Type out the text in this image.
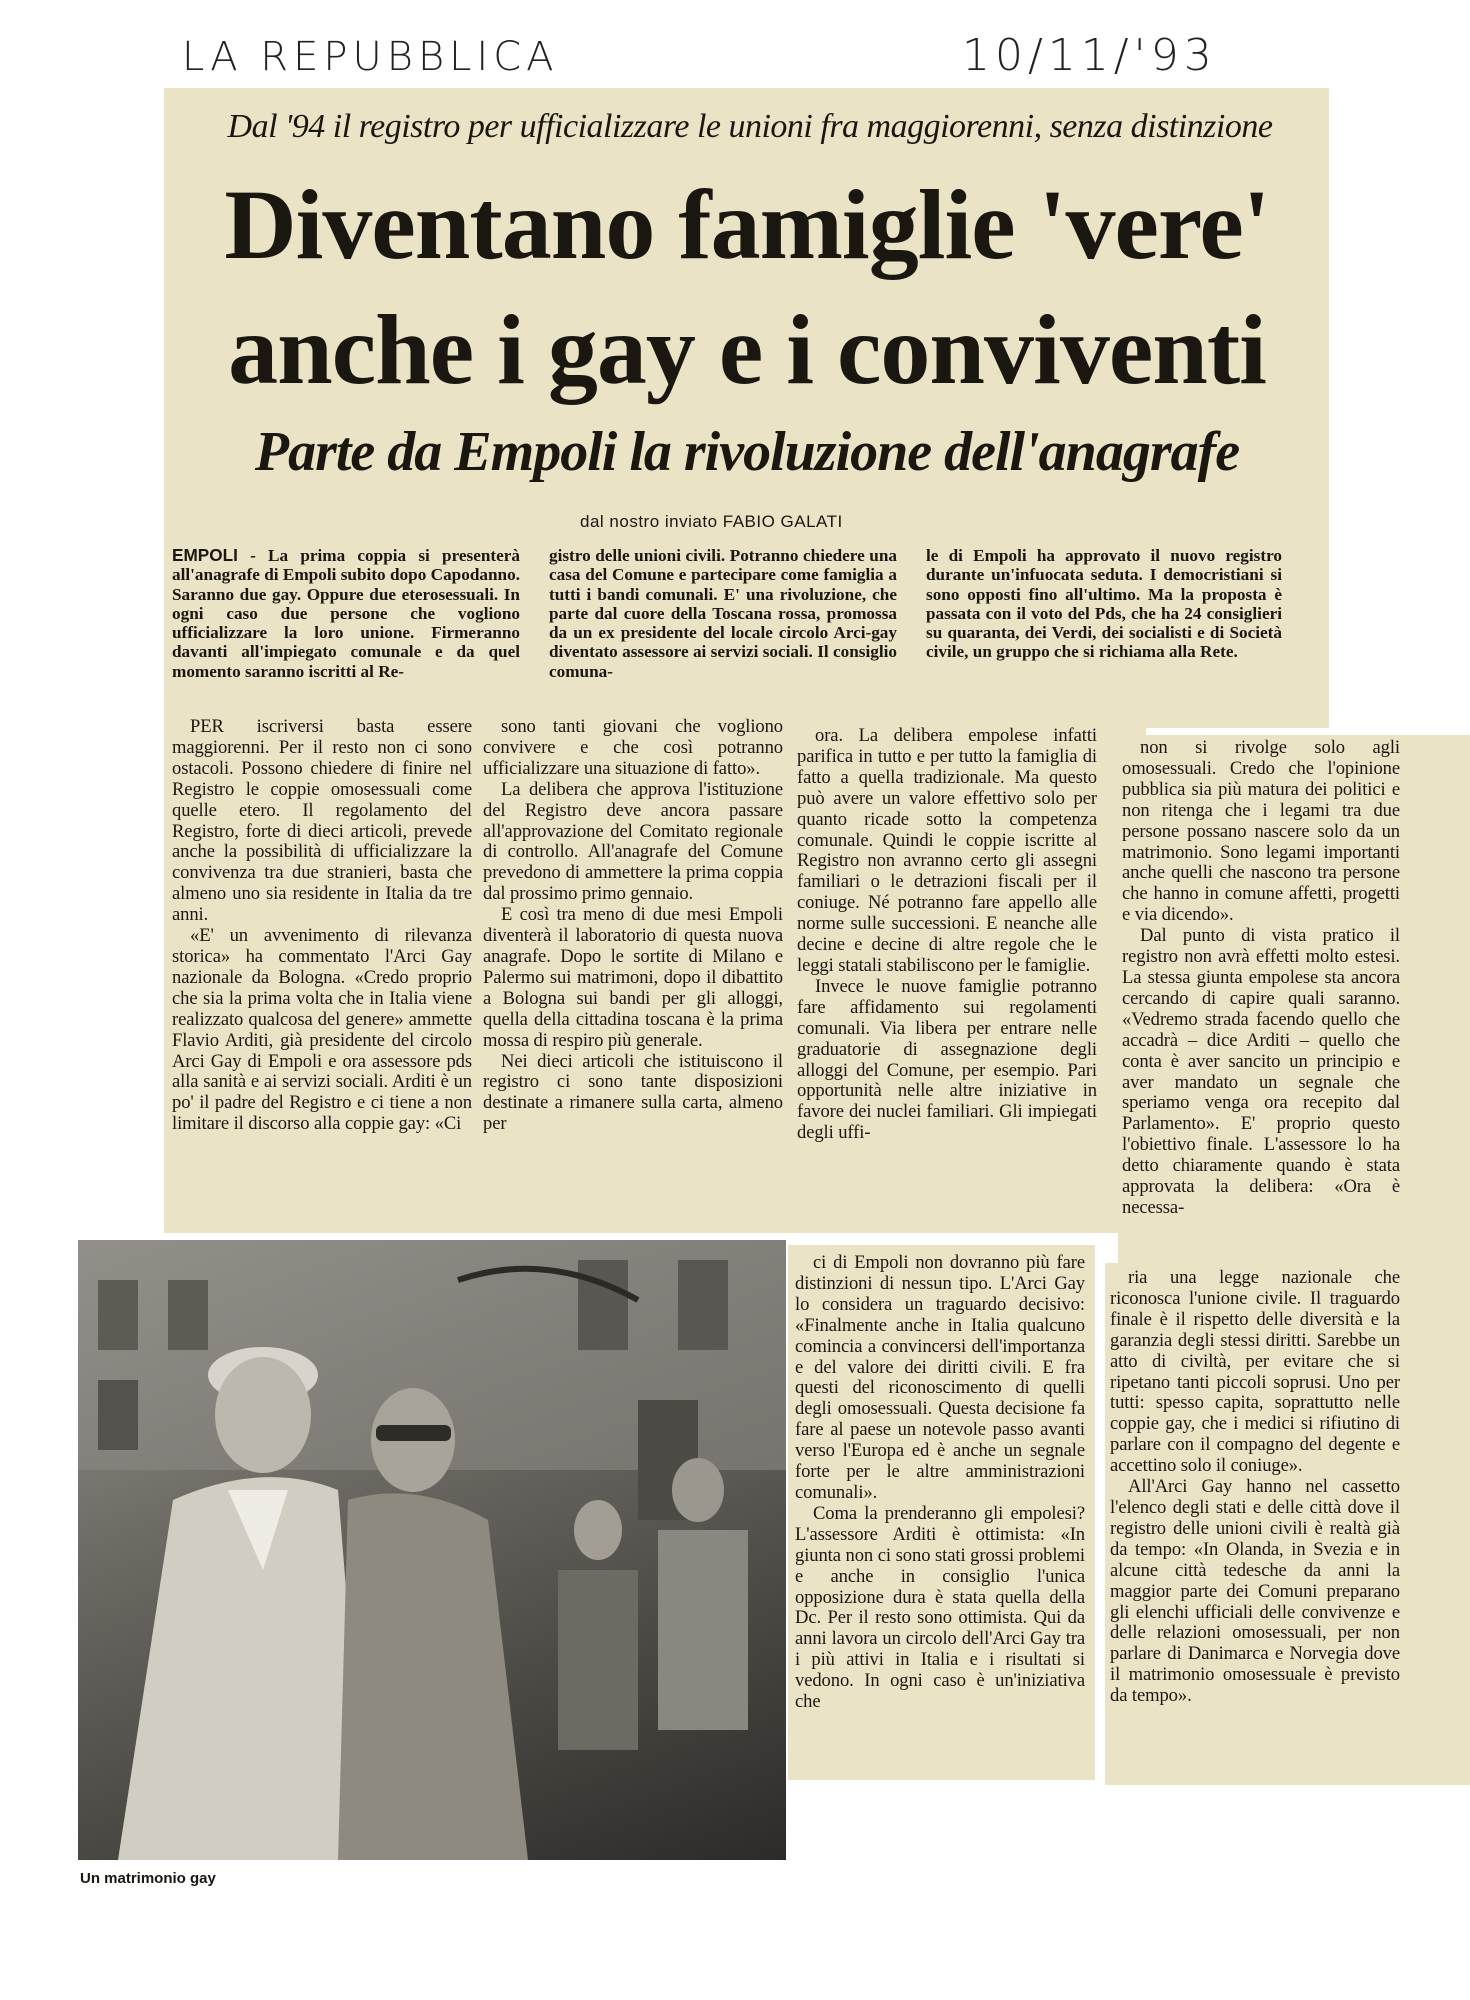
LA REPUBBLICA	10/11/'93
Dal '94 il registro per ufficializzare le unioni fra maggiorenni, senza distinzione
Diventano famiglie 'vere'
anche i gay e i conviventi
Parte da Empoli la rivoluzione dell'anagrafe
dal nostro inviato FABIO GALATI
EMPOLI - La prima coppia si presenterà all'anagrafe di Empoli subito dopo Capodanno. Saranno due gay. Oppure due eterosessuali. In ogni caso due persone che vogliono ufficializzare la loro unione. Firmeranno davanti all'impiegato comunale e da quel momento saranno iscritti al Re-
gistro delle unioni civili. Potranno chiedere una casa del Comune e partecipare come famiglia a tutti i bandi comunali. E' una rivoluzione, che parte dal cuore della Toscana rossa, promossa da un ex presidente del locale circolo Arci-gay diventato assessore ai servizi sociali. Il consiglio comuna-
le di Empoli ha approvato il nuovo registro durante un'infuocata seduta. I democristiani si sono opposti fino all'ultimo. Ma la proposta è passata con il voto del Pds, che ha 24 consiglieri su quaranta, dei Verdi, dei socialisti e di Società civile, un gruppo che si richiama alla Rete.

PER iscriversi basta essere maggiorenni. Per il resto non ci sono ostacoli. Possono chiedere di finire nel Registro le coppie omosessuali come quelle etero. Il regolamento del Registro, forte di dieci articoli, prevede anche la possibilità di ufficializzare la convivenza tra due stranieri, basta che almeno uno sia residente in Italia da tre anni.

«E' un avvenimento di rilevanza storica» ha commentato l'Arci Gay nazionale da Bologna. «Credo proprio che sia la prima volta che in Italia viene realizzato qualcosa del genere» ammette Flavio Arditi, già presidente del circolo Arci Gay di Empoli e ora assessore pds alla sanità e ai servizi sociali. Arditi è un po' il padre del Registro e ci tiene a non limitare il discorso alla coppie gay: «Ci

sono tanti giovani che vogliono convivere e che così potranno ufficializzare una situazione di fatto».

La delibera che approva l'istituzione del Registro deve ancora passare all'approvazione del Comitato regionale di controllo. All'anagrafe del Comune prevedono di ammettere la prima coppia dal prossimo primo gennaio.

E così tra meno di due mesi Empoli diventerà il laboratorio di questa nuova anagrafe. Dopo le sortite di Milano e Palermo sui matrimoni, dopo il dibattito a Bologna sui bandi per gli alloggi, quella della cittadina toscana è la prima mossa di respiro più generale.

Nei dieci articoli che istituiscono il registro ci sono tante disposizioni destinate a rimanere sulla carta, almeno per

ora. La delibera empolese infatti parifica in tutto e per tutto la famiglia di fatto a quella tradizionale. Ma questo può avere un valore effettivo solo per quanto ricade sotto la competenza comunale. Quindi le coppie iscritte al Registro non avranno certo gli assegni familiari o le detrazioni fiscali per il coniuge. Né potranno fare appello alle norme sulle successioni. E neanche alle decine e decine di altre regole che le leggi statali stabiliscono per le famiglie.

Invece le nuove famiglie potranno fare affidamento sui regolamenti comunali. Via libera per entrare nelle graduatorie di assegnazione degli alloggi del Comune, per esempio. Pari opportunità nelle altre iniziative in favore dei nuclei familiari. Gli impiegati degli uffi-

non si rivolge solo agli omosessuali. Credo che l'opinione pubblica sia più matura dei politici e non ritenga che i legami tra due persone possano nascere solo da un matrimonio. Sono legami importanti anche quelli che nascono tra persone che hanno in comune affetti, progetti e via dicendo».

Dal punto di vista pratico il registro non avrà effetti molto estesi. La stessa giunta empolese sta ancora cercando di capire quali saranno. «Vedremo strada facendo quello che accadrà – dice Arditi – quello che conta è aver sancito un principio e aver mandato un segnale che speriamo venga ora recepito dal Parlamento». E' proprio questo l'obiettivo finale. L'assessore lo ha detto chiaramente quando è stata approvata la delibera: «Ora è necessa-

ci di Empoli non dovranno più fare distinzioni di nessun tipo. L'Arci Gay lo considera un traguardo decisivo: «Finalmente anche in Italia qualcuno comincia a convincersi dell'importanza e del valore dei diritti civili. E fra questi del riconoscimento di quelli degli omosessuali. Questa decisione fa fare al paese un notevole passo avanti verso l'Europa ed è anche un segnale forte per le altre amministrazioni comunali».

Coma la prenderanno gli empolesi? L'assessore Arditi è ottimista: «In giunta non ci sono stati grossi problemi e anche in consiglio l'unica opposizione dura è stata quella della Dc. Per il resto sono ottimista. Qui da anni lavora un circolo dell'Arci Gay tra i più attivi in Italia e i risultati si vedono. In ogni caso è un'iniziativa che

ria una legge nazionale che riconosca l'unione civile. Il traguardo finale è il rispetto delle diversità e la garanzia degli stessi diritti. Sarebbe un atto di civiltà, per evitare che si ripetano tanti piccoli soprusi. Uno per tutti: spesso capita, soprattutto nelle coppie gay, che i medici si rifiutino di parlare con il compagno del degente e accettino solo il coniuge».

All'Arci Gay hanno nel cassetto l'elenco degli stati e delle città dove il registro delle unioni civili è realtà già da tempo: «In Olanda, in Svezia e in alcune città tedesche da anni la maggior parte dei Comuni preparano gli elenchi ufficiali delle convivenze e delle relazioni omosessuali, per non parlare di Danimarca e Norvegia dove il matrimonio omosessuale è previsto da tempo».

Un matrimonio gay
